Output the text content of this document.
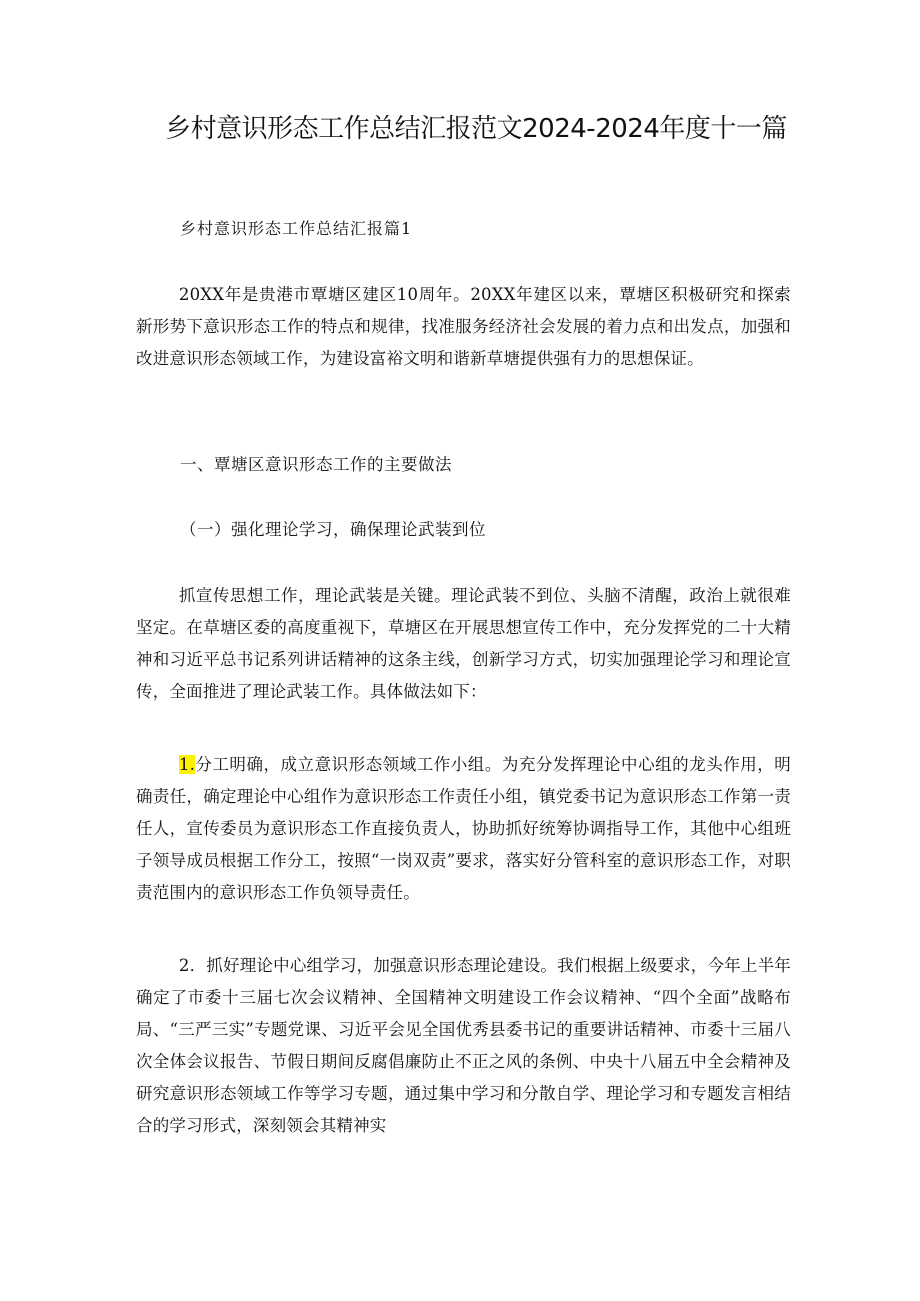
乡村意识形态工作总结汇报范文2024-2024年度十一篇
乡村意识形态工作总结汇报篇1
20XX年是贵港市覃塘区建区10周年。20XX年建区以来，覃塘区积极研究和探索新形势下意识形态工作的特点和规律，找准服务经济社会发展的着力点和出发点，加强和改进意识形态领域工作，为建设富裕文明和谐新草塘提供强有力的思想保证。
一、覃塘区意识形态工作的主要做法
（一）强化理论学习，确保理论武装到位
抓宣传思想工作，理论武装是关键。理论武装不到位、头脑不清醒，政治上就很难坚定。在草塘区委的高度重视下，草塘区在开展思想宣传工作中，充分发挥党的二十大精神和习近平总书记系列讲话精神的这条主线，创新学习方式，切实加强理论学习和理论宣传，全面推进了理论武装工作。具体做法如下：
1.分工明确，成立意识形态领域工作小组。为充分发挥理论中心组的龙头作用，明确责任，确定理论中心组作为意识形态工作责任小组，镇党委书记为意识形态工作第一责任人，宣传委员为意识形态工作直接负责人，协助抓好统筹协调指导工作，其他中心组班子领导成员根据工作分工，按照“一岗双责”要求，落实好分管科室的意识形态工作，对职责范围内的意识形态工作负领导责任。
2．抓好理论中心组学习，加强意识形态理论建设。我们根据上级要求，今年上半年确定了市委十三届七次会议精神、全国精神文明建设工作会议精神、“四个全面”战略布局、“三严三实”专题党课、习近平会见全国优秀县委书记的重要讲话精神、市委十三届八次全体会议报告、节假日期间反腐倡廉防止不正之风的条例、中央十八届五中全会精神及研究意识形态领域工作等学习专题，通过集中学习和分散自学、理论学习和专题发言相结合的学习形式，深刻领会其精神实
